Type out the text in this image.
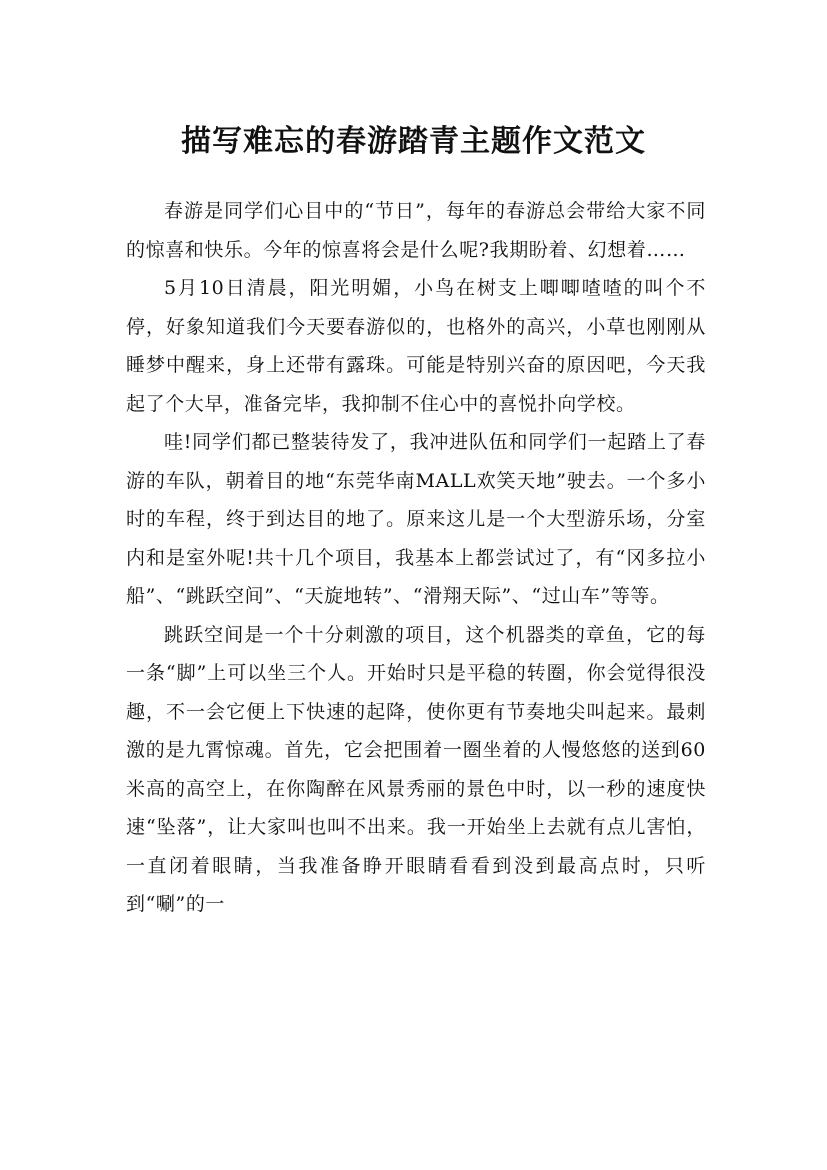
描写难忘的春游踏青主题作文范文

春游是同学们心目中的“节日”，每年的春游总会带给大家不同的惊喜和快乐。今年的惊喜将会是什么呢?我期盼着、幻想着……

5月10日清晨，阳光明媚，小鸟在树支上唧唧喳喳的叫个不停，好象知道我们今天要春游似的，也格外的高兴，小草也刚刚从睡梦中醒来，身上还带有露珠。可能是特别兴奋的原因吧，今天我起了个大早，准备完毕，我抑制不住心中的喜悦扑向学校。

哇!同学们都已整装待发了，我冲进队伍和同学们一起踏上了春游的车队，朝着目的地“东莞华南MALL欢笑天地”驶去。一个多小时的车程，终于到达目的地了。原来这儿是一个大型游乐场，分室内和是室外呢!共十几个项目，我基本上都尝试过了，有“冈多拉小船”、“跳跃空间”、“天旋地转”、“滑翔天际”、“过山车”等等。

跳跃空间是一个十分刺激的项目，这个机器类的章鱼，它的每一条“脚”上可以坐三个人。开始时只是平稳的转圈，你会觉得很没趣，不一会它便上下快速的起降，使你更有节奏地尖叫起来。最刺激的是九霄惊魂。首先，它会把围着一圈坐着的人慢悠悠的送到60米高的高空上，在你陶醉在风景秀丽的景色中时，以一秒的速度快速“坠落”，让大家叫也叫不出来。我一开始坐上去就有点儿害怕，一直闭着眼睛，当我准备睁开眼睛看看到没到最高点时，只听到“唰”的一
